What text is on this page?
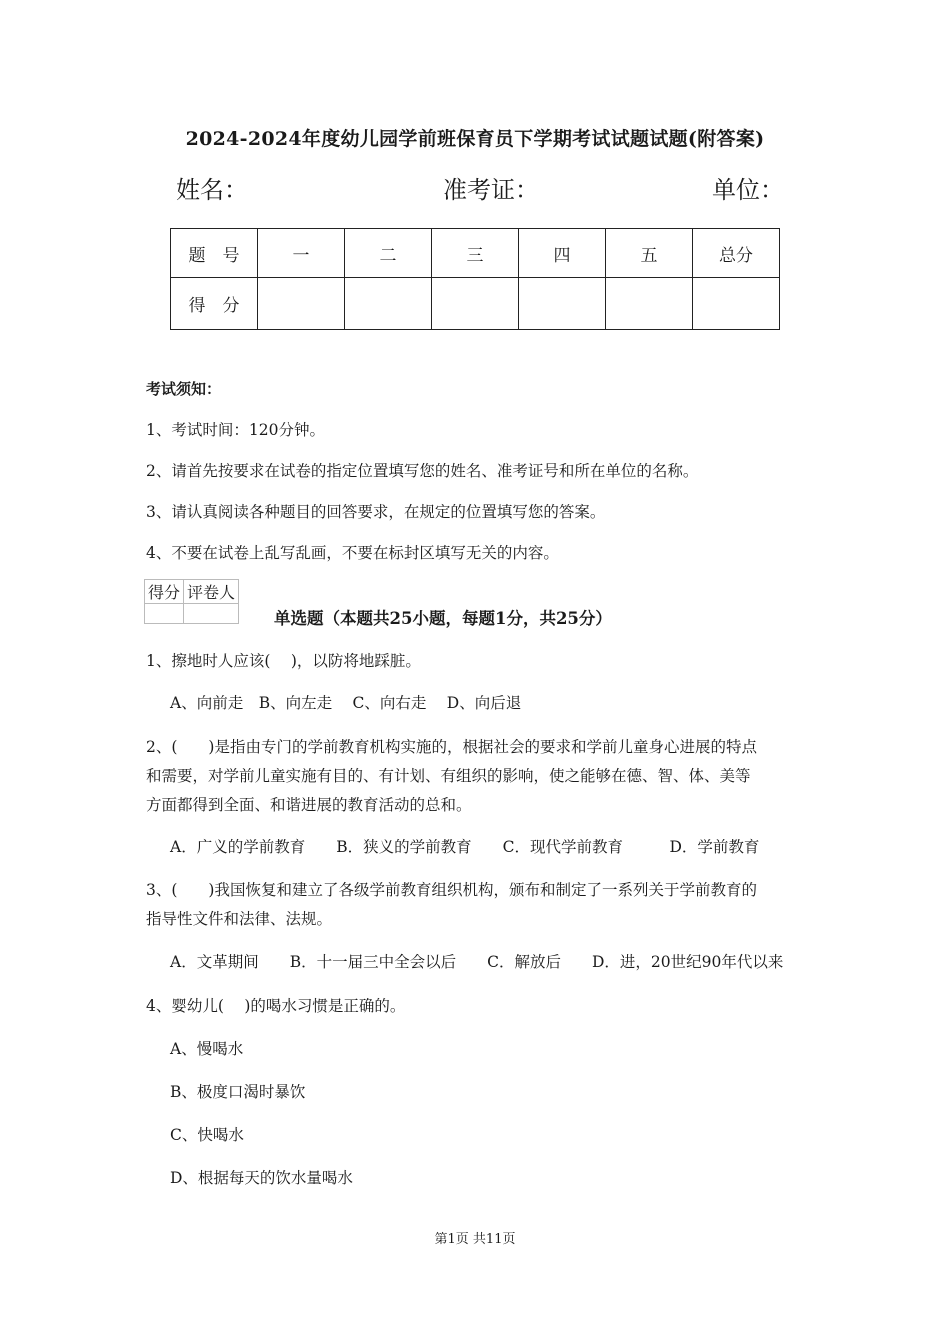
2024-2024年度幼儿园学前班保育员下学期考试试题试题(附答案)
姓名：	准考证：	单位：
题　号	一	二	三	四	五	总分
得　分						
考试须知：
1、考试时间：120分钟。
2、请首先按要求在试卷的指定位置填写您的姓名、准考证号和所在单位的名称。
3、请认真阅读各种题目的回答要求，在规定的位置填写您的答案。
4、不要在试卷上乱写乱画，不要在标封区填写无关的内容。
得分	评卷人

单选题（本题共25小题，每题1分，共25分）
1、擦地时人应该(　 )，以防将地踩脏。
A、向前走　B、向左走　 C、向右走　 D、向后退
2、(　　)是指由专门的学前教育机构实施的，根据社会的要求和学前儿童身心进展的特点
和需要，对学前儿童实施有目的、有计划、有组织的影响，使之能够在德、智、体、美等
方面都得到全面、和谐进展的教育活动的总和。
A．广义的学前教育　　B．狭义的学前教育　　C．现代学前教育　　　D．学前教育
3、(　　)我国恢复和建立了各级学前教育组织机构，颁布和制定了一系列关于学前教育的
指导性文件和法律、法规。
A．文革期间　　B．十一届三中全会以后　　C．解放后　　D．进，20世纪90年代以来
4、婴幼儿(　 )的喝水习惯是正确的。
A、慢喝水
B、极度口渴时暴饮
C、快喝水
D、根据每天的饮水量喝水
第1页 共11页
